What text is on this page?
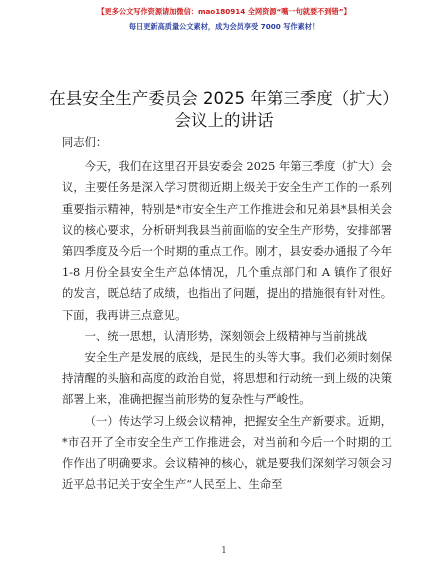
【更多公文写作资源请加微信：mao180914 全网资源“嘴一句就要不到错”】
每日更新高质量公文素材，成为会员享受 7000 写作素材！
在县安全生产委员会 2025 年第三季度（扩大）
会议上的讲话

同志们：

今天，我们在这里召开县安委会 2025 年第三季度（扩大）会议，主要任务是深入学习贯彻近期上级关于安全生产工作的一系列重要指示精神，特别是*市安全生产工作推进会和兄弟县*县相关会议的核心要求，分析研判我县当前面临的安全生产形势，安排部署第四季度及今后一个时期的重点工作。刚才，县安委办通报了今年 1-8 月份全县安全生产总体情况，几个重点部门和 A 镇作了很好的发言，既总结了成绩，也指出了问题，提出的措施很有针对性。下面，我再讲三点意见。

一、统一思想，认清形势，深刻领会上级精神与当前挑战

安全生产是发展的底线，是民生的头等大事。我们必须时刻保持清醒的头脑和高度的政治自觉，将思想和行动统一到上级的决策部署上来，准确把握当前形势的复杂性与严峻性。

（一）传达学习上级会议精神，把握安全生产新要求。近期，*市召开了全市安全生产工作推进会，对当前和今后一个时期的工作作出了明确要求。会议精神的核心，就是要我们深刻学习领会习近平总书记关于安全生产“人民至上、生命至

1
